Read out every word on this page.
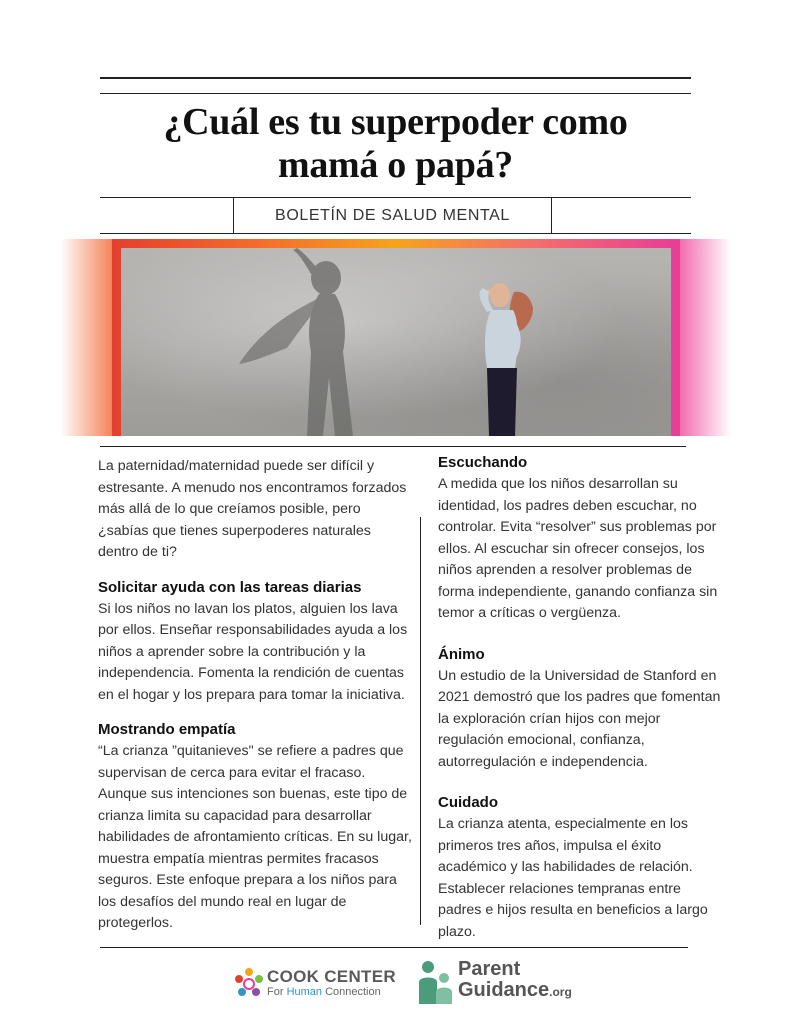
¿Cuál es tu superpoder como
mamá o papá?
BOLETÍN DE SALUD MENTAL

La paternidad/maternidad puede ser difícil y estresante. A menudo nos encontramos forzados más allá de lo que creíamos posible, pero ¿sabías que tienes superpoderes naturales dentro de ti?

Solicitar ayuda con las tareas diarias

Si los niños no lavan los platos, alguien los lava por ellos. Enseñar responsabilidades ayuda a los niños a aprender sobre la contribución y la independencia. Fomenta la rendición de cuentas en el hogar y los prepara para tomar la iniciativa.

Mostrando empatía

“La crianza ”quitanieves" se refiere a padres que supervisan de cerca para evitar el fracaso. Aunque sus intenciones son buenas, este tipo de crianza limita su capacidad para desarrollar habilidades de afrontamiento críticas. En su lugar, muestra empatía mientras permites fracasos seguros. Este enfoque prepara a los niños para los desafíos del mundo real en lugar de protegerlos.

Escuchando

A medida que los niños desarrollan su identidad, los padres deben escuchar, no controlar. Evita “resolver” sus problemas por ellos. Al escuchar sin ofrecer consejos, los niños aprenden a resolver problemas de forma independiente, ganando confianza sin temor a críticas o vergüenza.

Ánimo

Un estudio de la Universidad de Stanford en 2021 demostró que los padres que fomentan la exploración crían hijos con mejor regulación emocional, confianza, autorregulación e independencia.

Cuidado

La crianza atenta, especialmente en los primeros tres años, impulsa el éxito académico y las habilidades de relación. Establecer relaciones tempranas entre padres e hijos resulta en beneficios a largo plazo.

COOK CENTER
For Human Connection
Parent
Guidance.org
